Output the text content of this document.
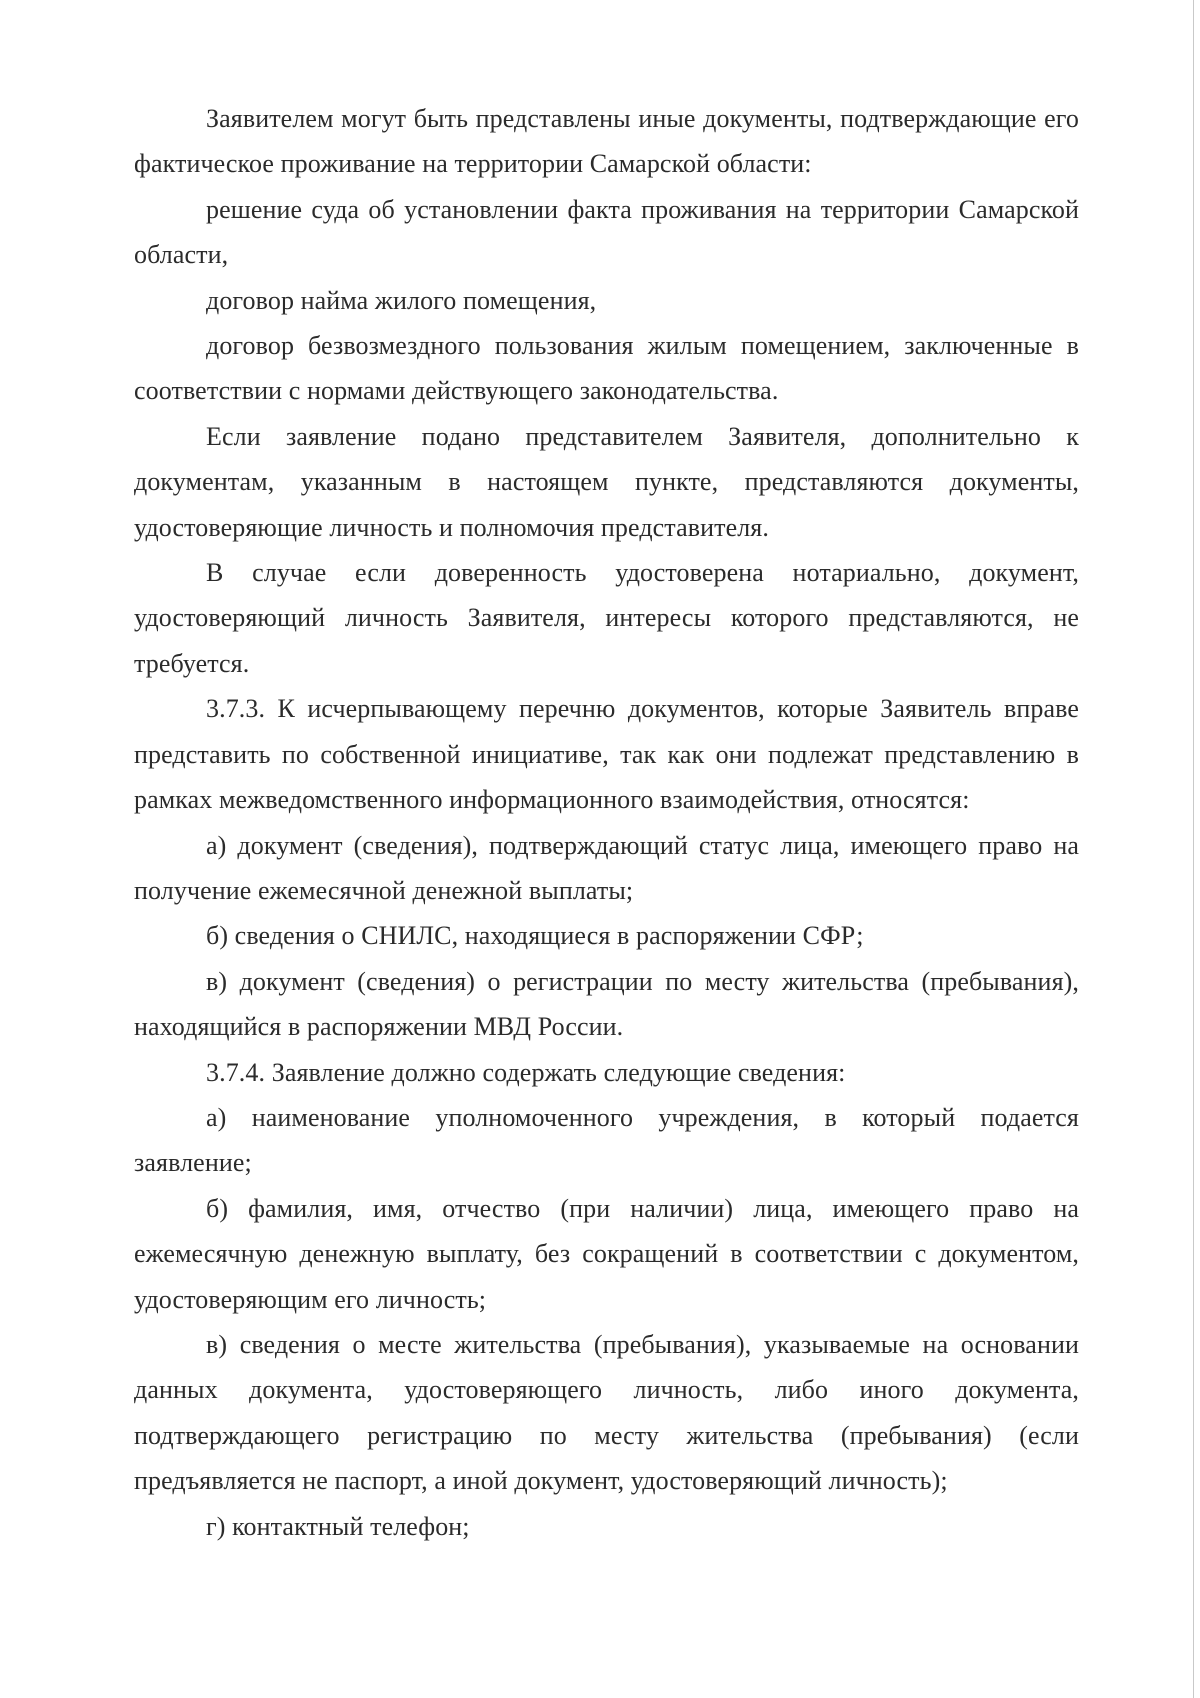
Заявителем могут быть представлены иные документы, подтверждающие его фактическое проживание на территории Самарской области:

решение суда об установлении факта проживания на территории Самарской области,

договор найма жилого помещения,

договор безвозмездного пользования жилым помещением, заключенные в соответствии с нормами действующего законодательства.

Если заявление подано представителем Заявителя, дополнительно к документам, указанным в настоящем пункте, представляются документы, удостоверяющие личность и полномочия представителя.

В случае если доверенность удостоверена нотариально, документ, удостоверяющий личность Заявителя, интересы которого представляются, не требуется.

3.7.3. К исчерпывающему перечню документов, которые Заявитель вправе представить по собственной инициативе, так как они подлежат представлению в рамках межведомственного информационного взаимодействия, относятся:

а) документ (сведения), подтверждающий статус лица, имеющего право на получение ежемесячной денежной выплаты;

б) сведения о СНИЛС, находящиеся в распоряжении СФР;

в) документ (сведения) о регистрации по месту жительства (пребывания), находящийся в распоряжении МВД России.

3.7.4. Заявление должно содержать следующие сведения:

а) наименование уполномоченного учреждения, в который подается заявление;

б) фамилия, имя, отчество (при наличии) лица, имеющего право на ежемесячную денежную выплату, без сокращений в соответствии с документом, удостоверяющим его личность;

в) сведения о месте жительства (пребывания), указываемые на основании данных документа, удостоверяющего личность, либо иного документа, подтверждающего регистрацию по месту жительства (пребывания) (если предъявляется не паспорт, а иной документ, удостоверяющий личность);

г) контактный телефон;
